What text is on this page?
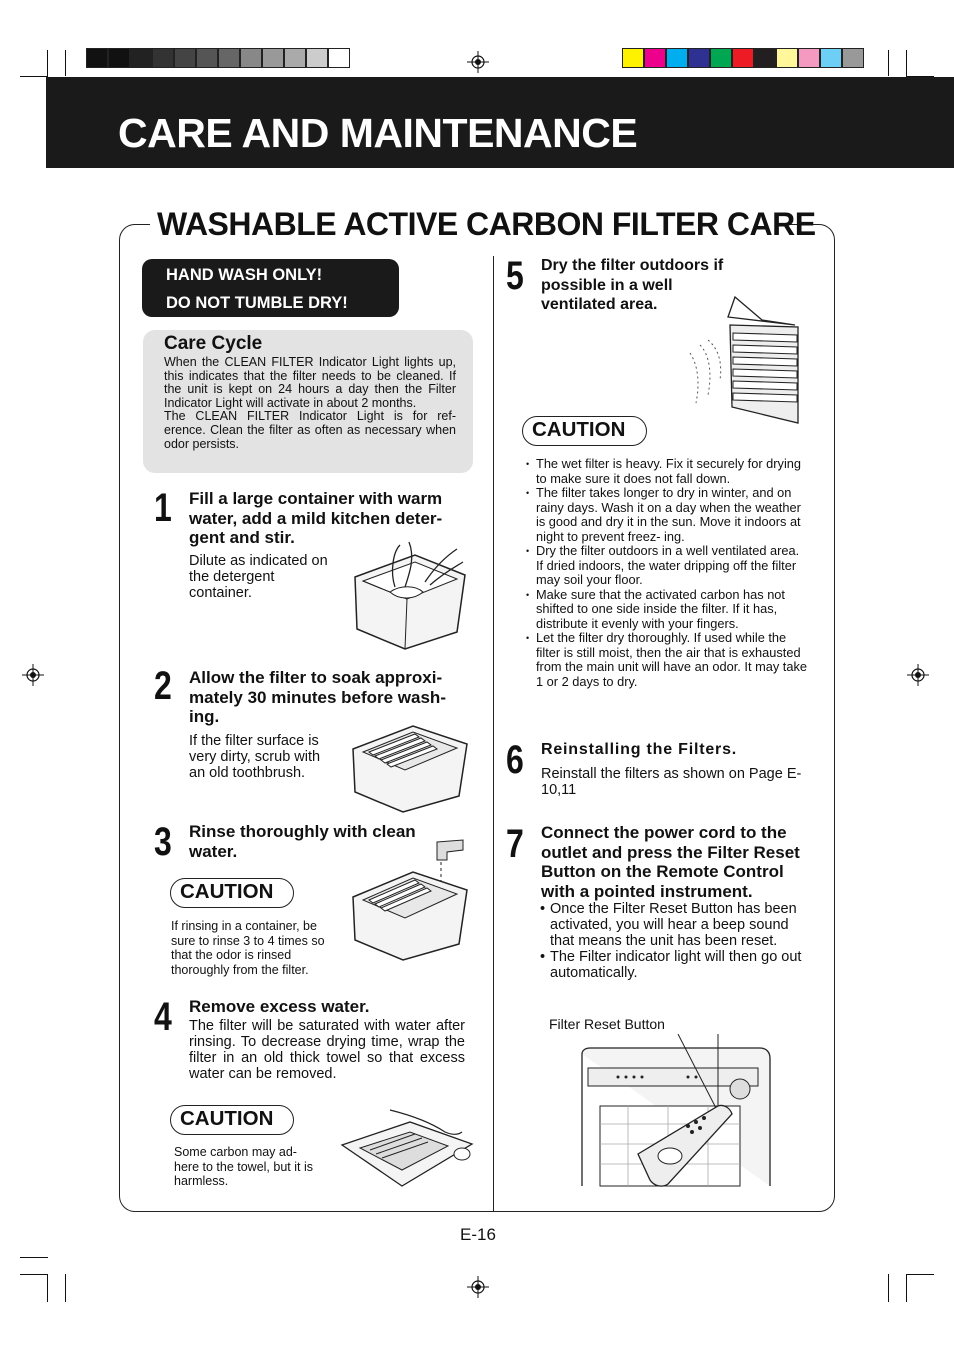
CARE AND MAINTENANCE
WASHABLE ACTIVE CARBON FILTER CARE
HAND WASH ONLY!
DO NOT TUMBLE DRY!
Care Cycle
When the CLEAN FILTER Indicator Light lights up, this indicates that the filter needs to be cleaned. If the unit is kept on 24 hours a day then the Filter Indicator Light will activate in about 2 months.
The CLEAN FILTER Indicator Light is for ref- erence. Clean the filter as often as necessary when odor persists.
1 Fill a large container with warm water, add a mild kitchen deter- gent and stir.
Dilute as indicated on the detergent container.
2 Allow the filter to soak approxi- mately 30 minutes before wash- ing.
If the filter surface is very dirty, scrub with an old toothbrush.
3 Rinse thoroughly with clean water.
CAUTION
If rinsing in a container, be sure to rinse 3 to 4 times so that the odor is rinsed thoroughly from the filter.
4 Remove excess water.
The filter will be saturated with water after rinsing. To decrease drying time, wrap the filter in an old thick towel so that excess water can be removed.
CAUTION
Some carbon may ad- here to the towel, but it is harmless.
5 Dry the filter outdoors if possible in a well ventilated area.
CAUTION
• The wet filter is heavy. Fix it securely for drying to make sure it does not fall down.
• The filter takes longer to dry in winter, and on rainy days. Wash it on a day when the weather is good and dry it in the sun. Move it indoors at night to prevent freez- ing.
• Dry the filter outdoors in a well ventilated area. If dried indoors, the water dripping off the filter may soil your floor.
• Make sure that the activated carbon has not shifted to one side inside the filter. If it has, distribute it evenly with your fingers.
• Let the filter dry thoroughly. If used while the filter is still moist, then the air that is exhausted from the main unit will have an odor. It may take 1 or 2 days to dry.
6 Reinstalling the Filters.
Reinstall the filters as shown on Page E-10,11
7 Connect the power cord to the outlet and press the Filter Reset Button on the Remote Control with a pointed instrument.
• Once the Filter Reset Button has been activated, you will hear a beep sound that means the unit has been reset.
• The Filter indicator light will then go out automatically.
Filter Reset Button
E-16
